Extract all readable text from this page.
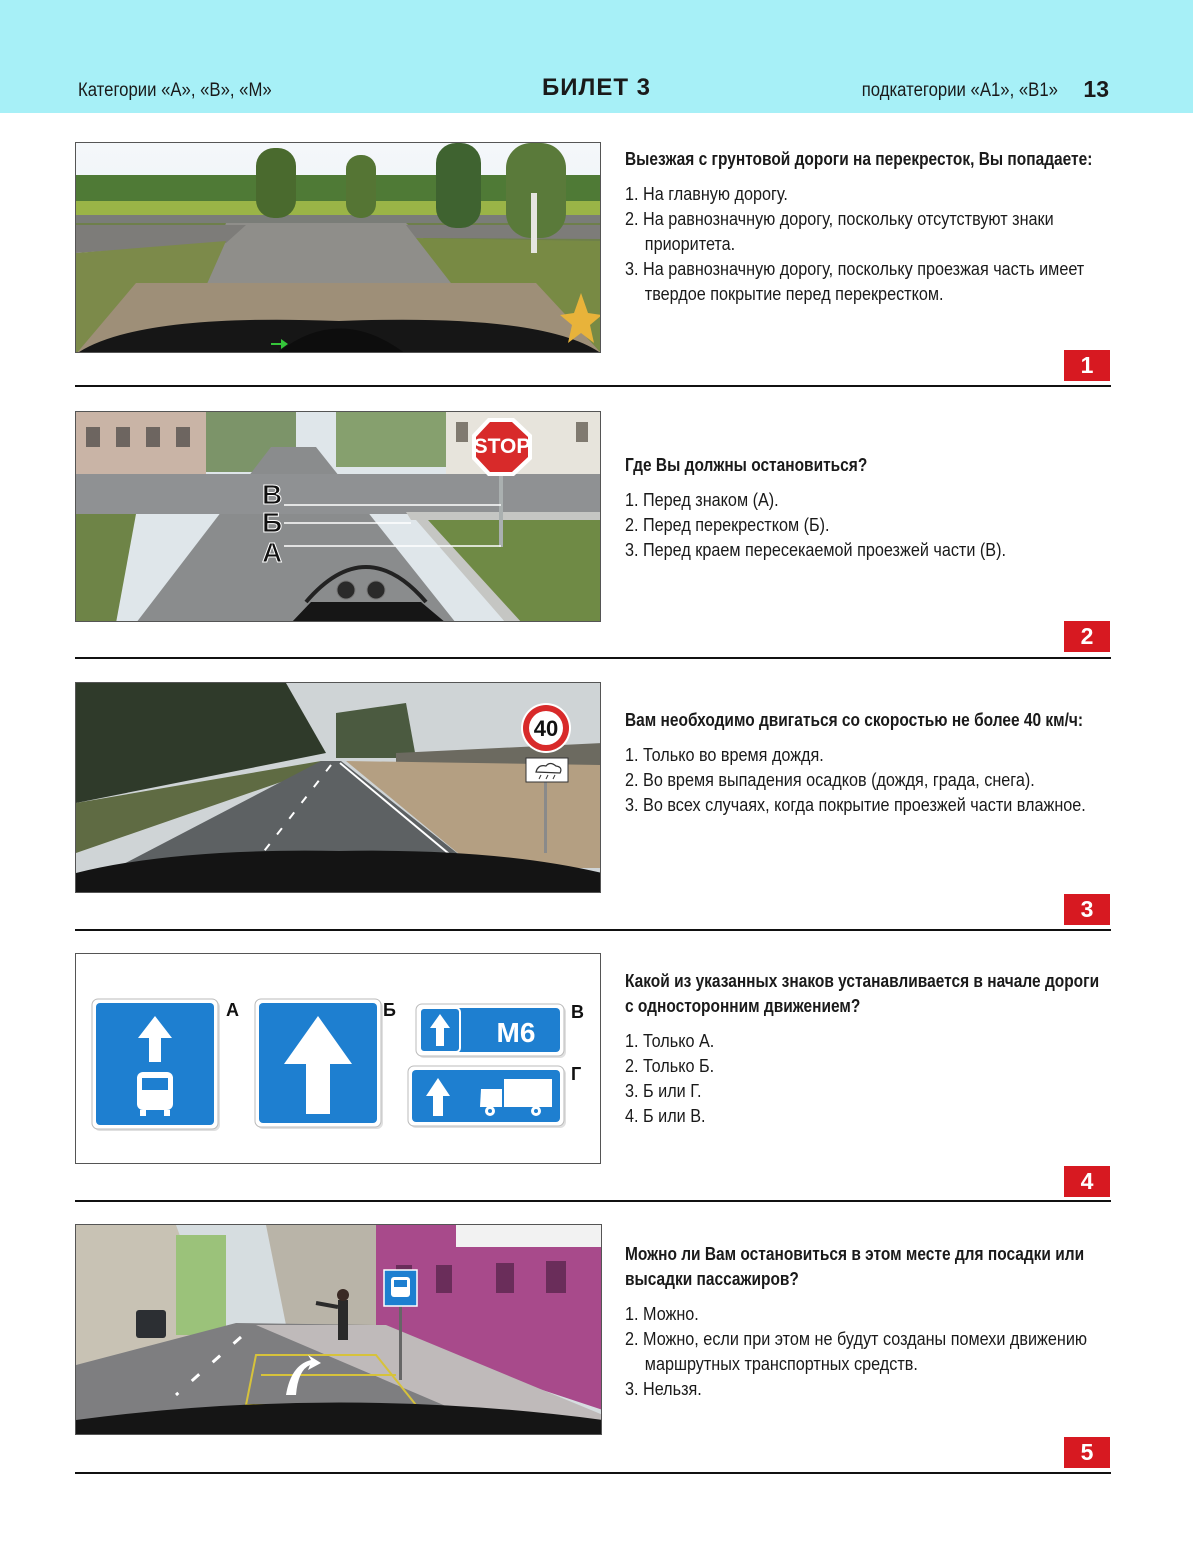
Категории «А», «В», «М»	БИЛЕТ 3	подкатегории «А1», «В1» 13
Выезжая с грунтовой дороги на перекресток, Вы попадаете:
1. На главную дорогу.
2. На равнозначную дорогу, поскольку отсутствуют знаки приоритета.
3. На равнозначную дорогу, поскольку проезжая часть имеет твердое покрытие перед перекрестком.
1
STOP
В
Б
А
Где Вы должны остановиться?
1. Перед знаком (А).
2. Перед перекрестком (Б).
3. Перед краем пересекаемой проезжей части (В).
2
40	Вам необходимо двигаться со скоростью не более 40 км/ч:
1. Только во время дождя.
2. Во время выпадения осадков (дождя, града, снега).
3. Во всех случаях, когда покрытие проезжей части влажное.
3
А	Б
М6
В
Г
Какой из указанных знаков устанавливается в начале дороги с односторонним движением?
1. Только А.
2. Только Б.
3. Б или Г.
4. Б или В.
4
Можно ли Вам остановиться в этом месте для посадки или высадки пассажиров?
1. Можно.
2. Можно, если при этом не будут созданы помехи движению маршрутных транспортных средств.
3. Нельзя.
5
